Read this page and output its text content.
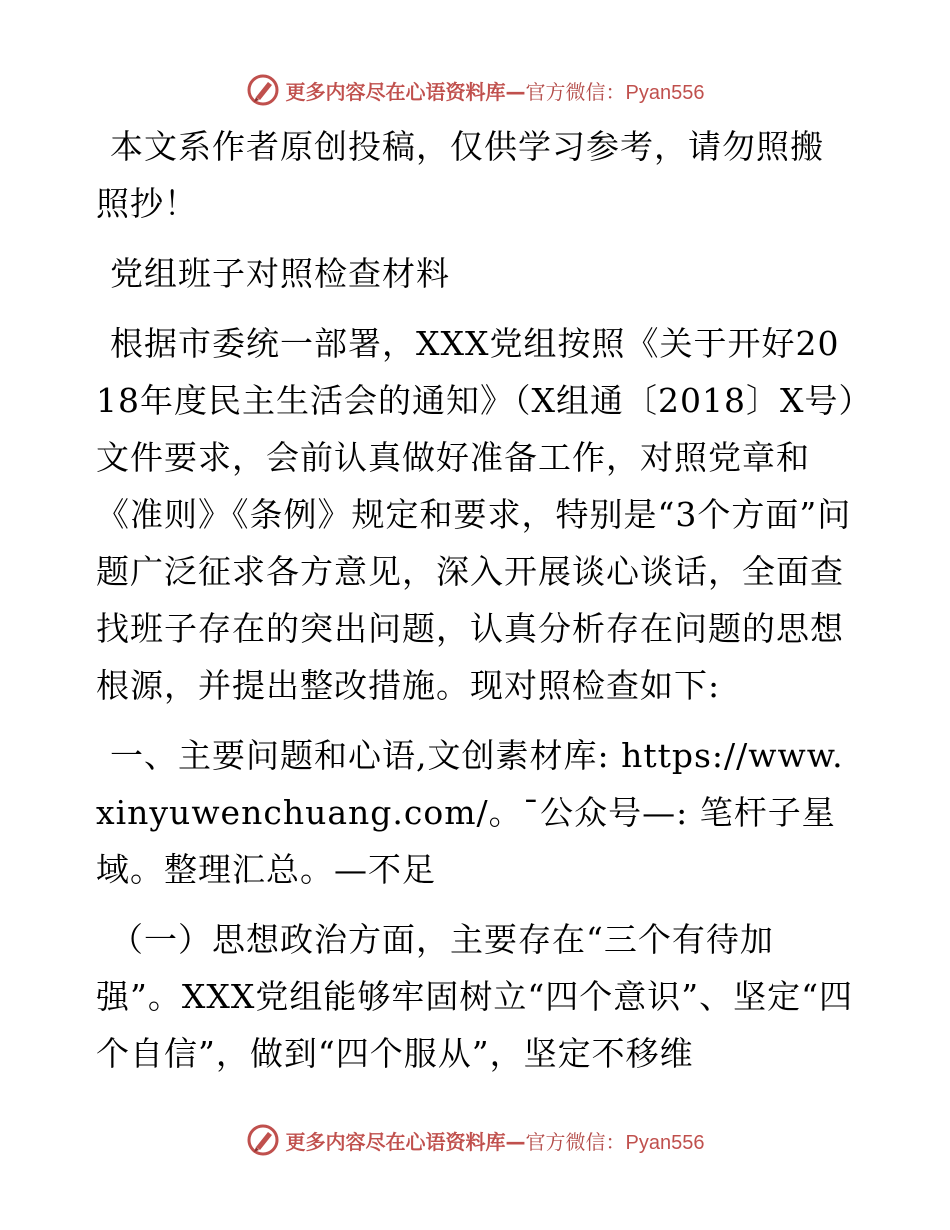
更多内容尽在心语资料库—官方微信：Pyan556

本文系作者原创投稿，仅供学习参考，请勿照搬照抄！

党组班子对照检查材料

根据市委统一部署，XXX党组按照《关于开好2018年度民主生活会的通知》（X组通〔2018〕X号）文件要求，会前认真做好准备工作，对照党章和《准则》《条例》规定和要求，特别是“3个方面”问题广泛征求各方意见，深入开展谈心谈话，全面查找班子存在的突出问题，认真分析存在问题的思想根源，并提出整改措施。现对照检查如下:

一、主要问题和心语,文创素材库: https://www.xinyuwenchuang.com/。¯公众号—: 笔杆子星域。整理汇总。—不足

（一）思想政治方面，主要存在“三个有待加强”。XXX党组能够牢固树立“四个意识”、坚定“四个自信”，做到“四个服从”，坚定不移维

更多内容尽在心语资料库—官方微信：Pyan556
